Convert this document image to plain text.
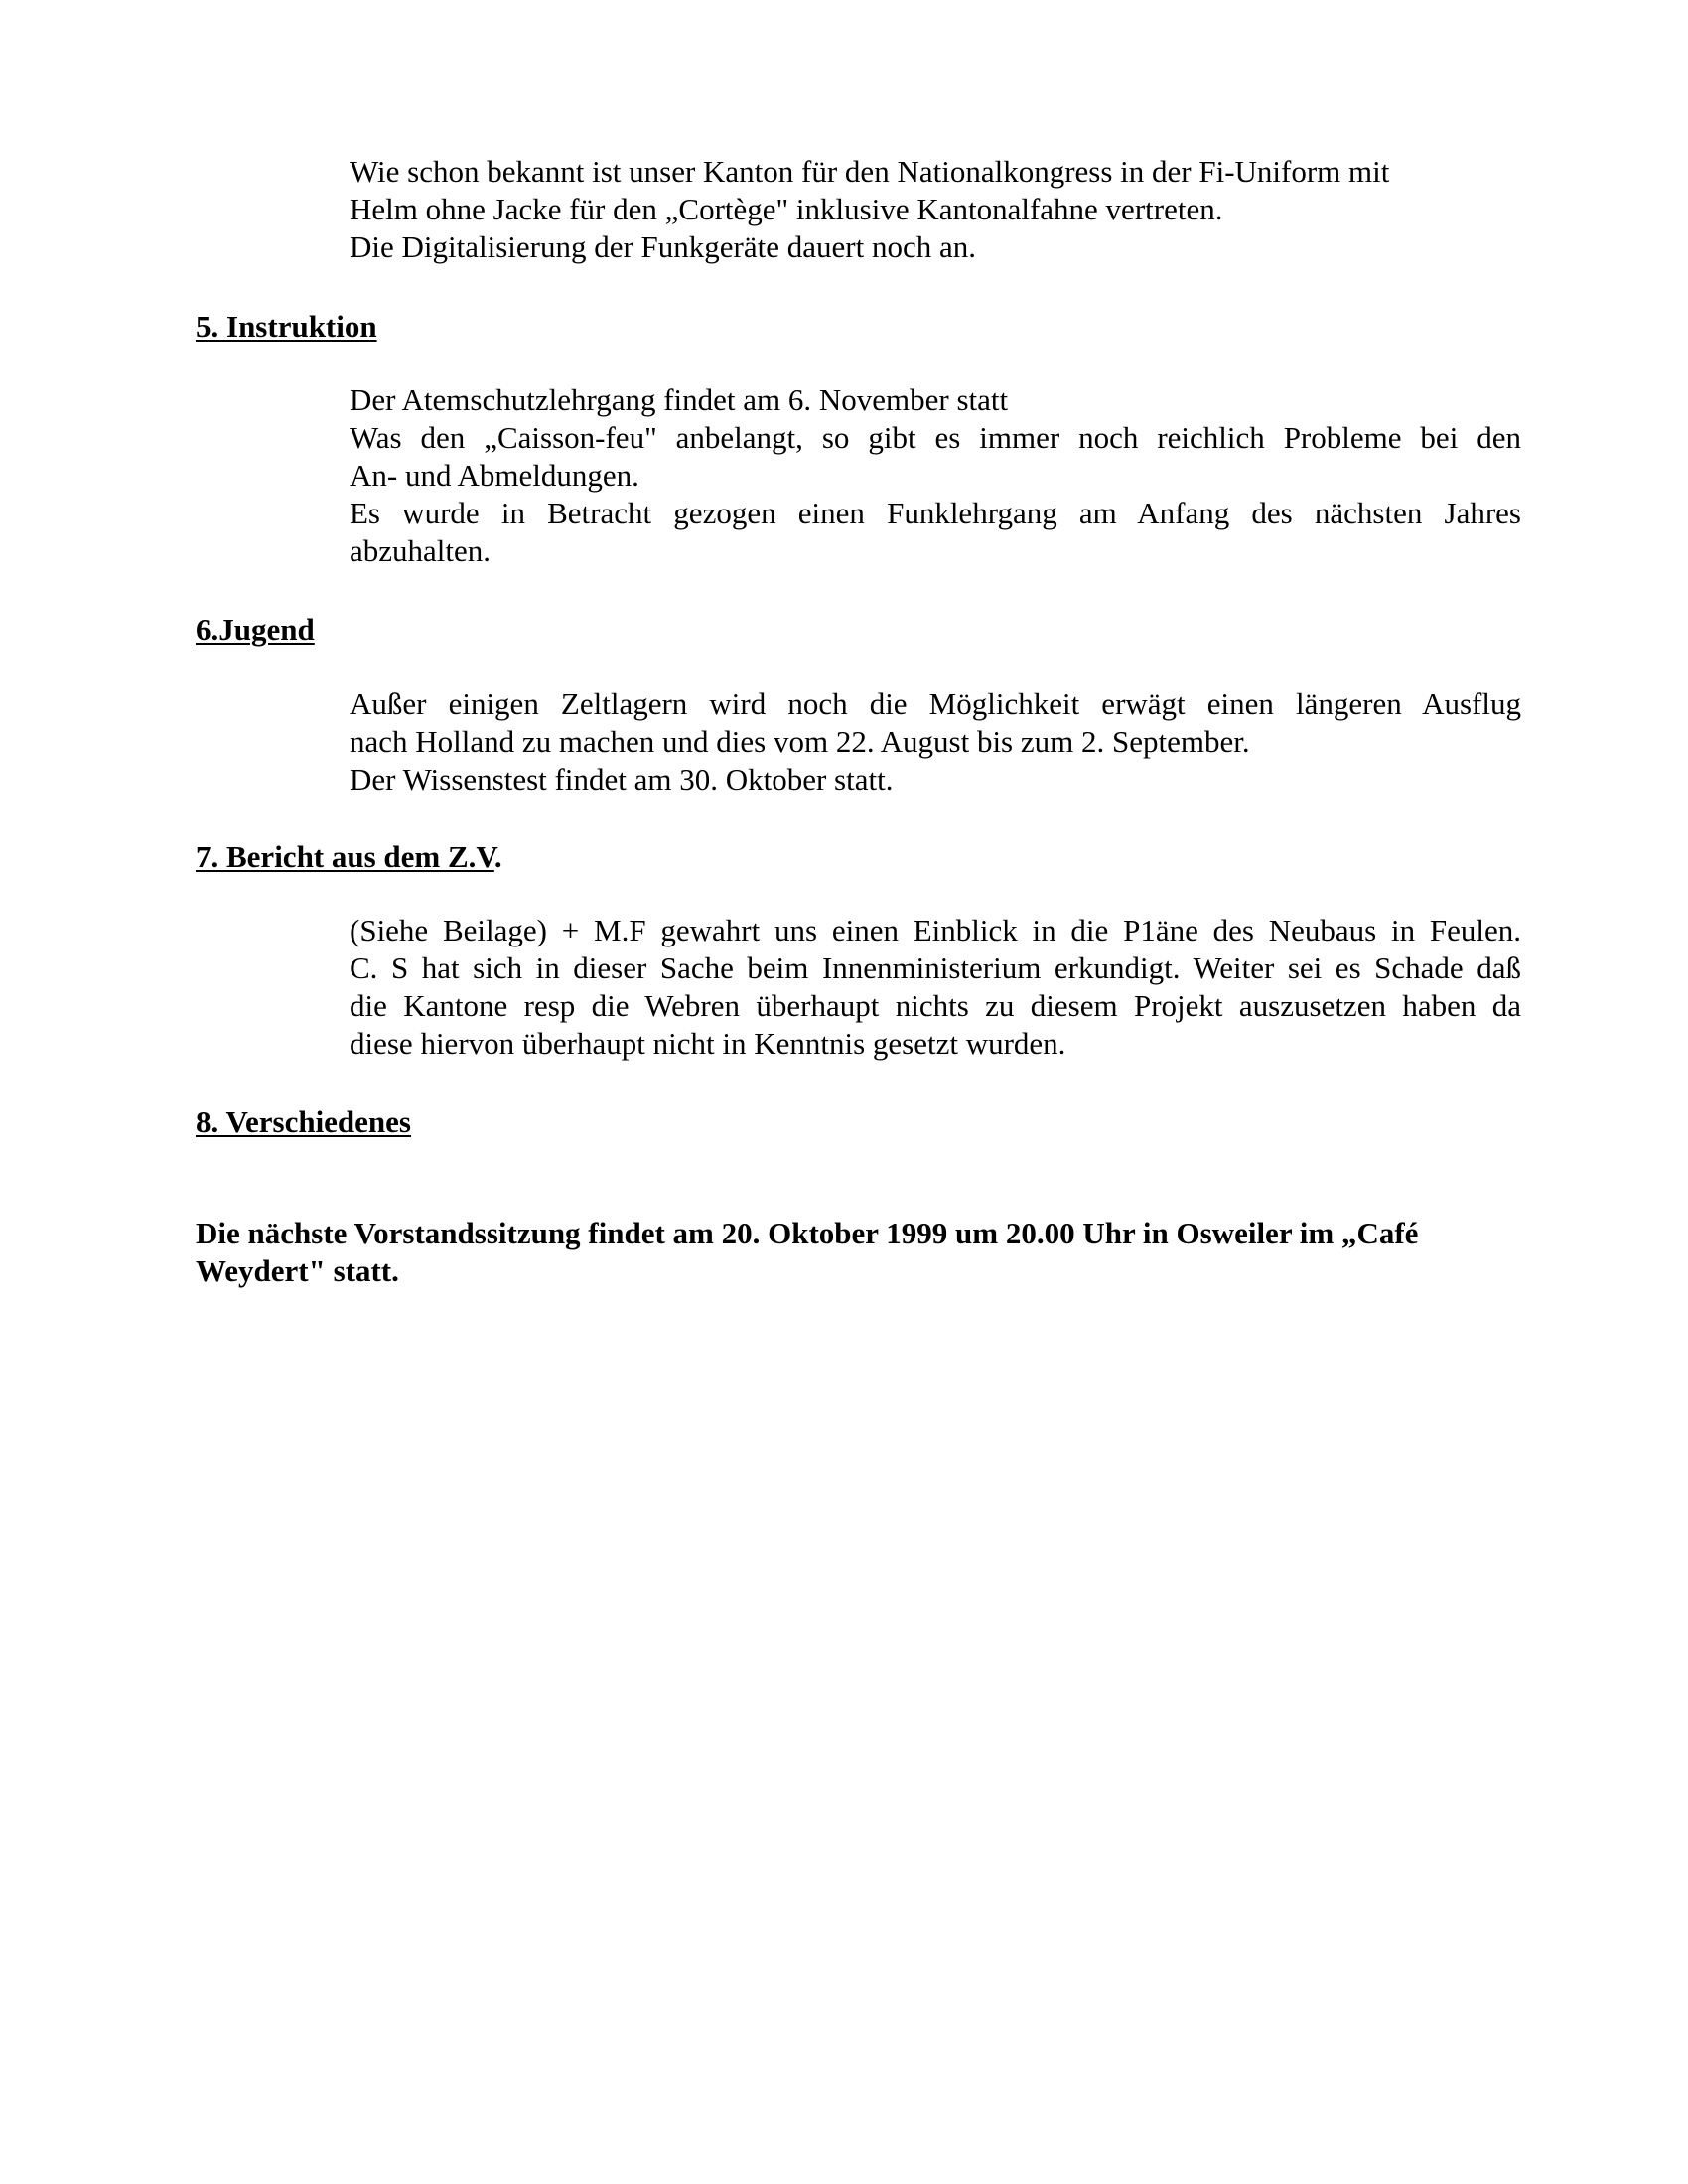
Wie schon bekannt ist unser Kanton für den Nationalkongress in der Fi-Uniform mit
Helm ohne Jacke für den „Cortège" inklusive Kantonalfahne vertreten.
Die Digitalisierung der Funkgeräte dauert noch an.
5. Instruktion
Der Atemschutzlehrgang findet am 6. November statt
Was den „Caisson-feu" anbelangt, so gibt es immer noch reichlich Probleme bei den
An- und Abmeldungen.
Es wurde in Betracht gezogen einen Funklehrgang am Anfang des nächsten Jahres
abzuhalten.
6.Jugend
Außer einigen Zeltlagern wird noch die Möglichkeit erwägt einen längeren Ausflug
nach Holland zu machen und dies vom 22. August bis zum 2. September.
Der Wissenstest findet am 30. Oktober statt.
7. Bericht aus dem Z.V.
(Siehe Beilage) + M.F gewahrt uns einen Einblick in die P1äne des Neubaus in Feulen.
C. S hat sich in dieser Sache beim Innenministerium erkundigt. Weiter sei es Schade daß
die Kantone resp die Webren überhaupt nichts zu diesem Projekt auszusetzen haben da
diese hiervon überhaupt nicht in Kenntnis gesetzt wurden.
8. Verschiedenes
Die nächste Vorstandssitzung findet am 20. Oktober 1999 um 20.00 Uhr in Osweiler im „Café
Weydert" statt.
